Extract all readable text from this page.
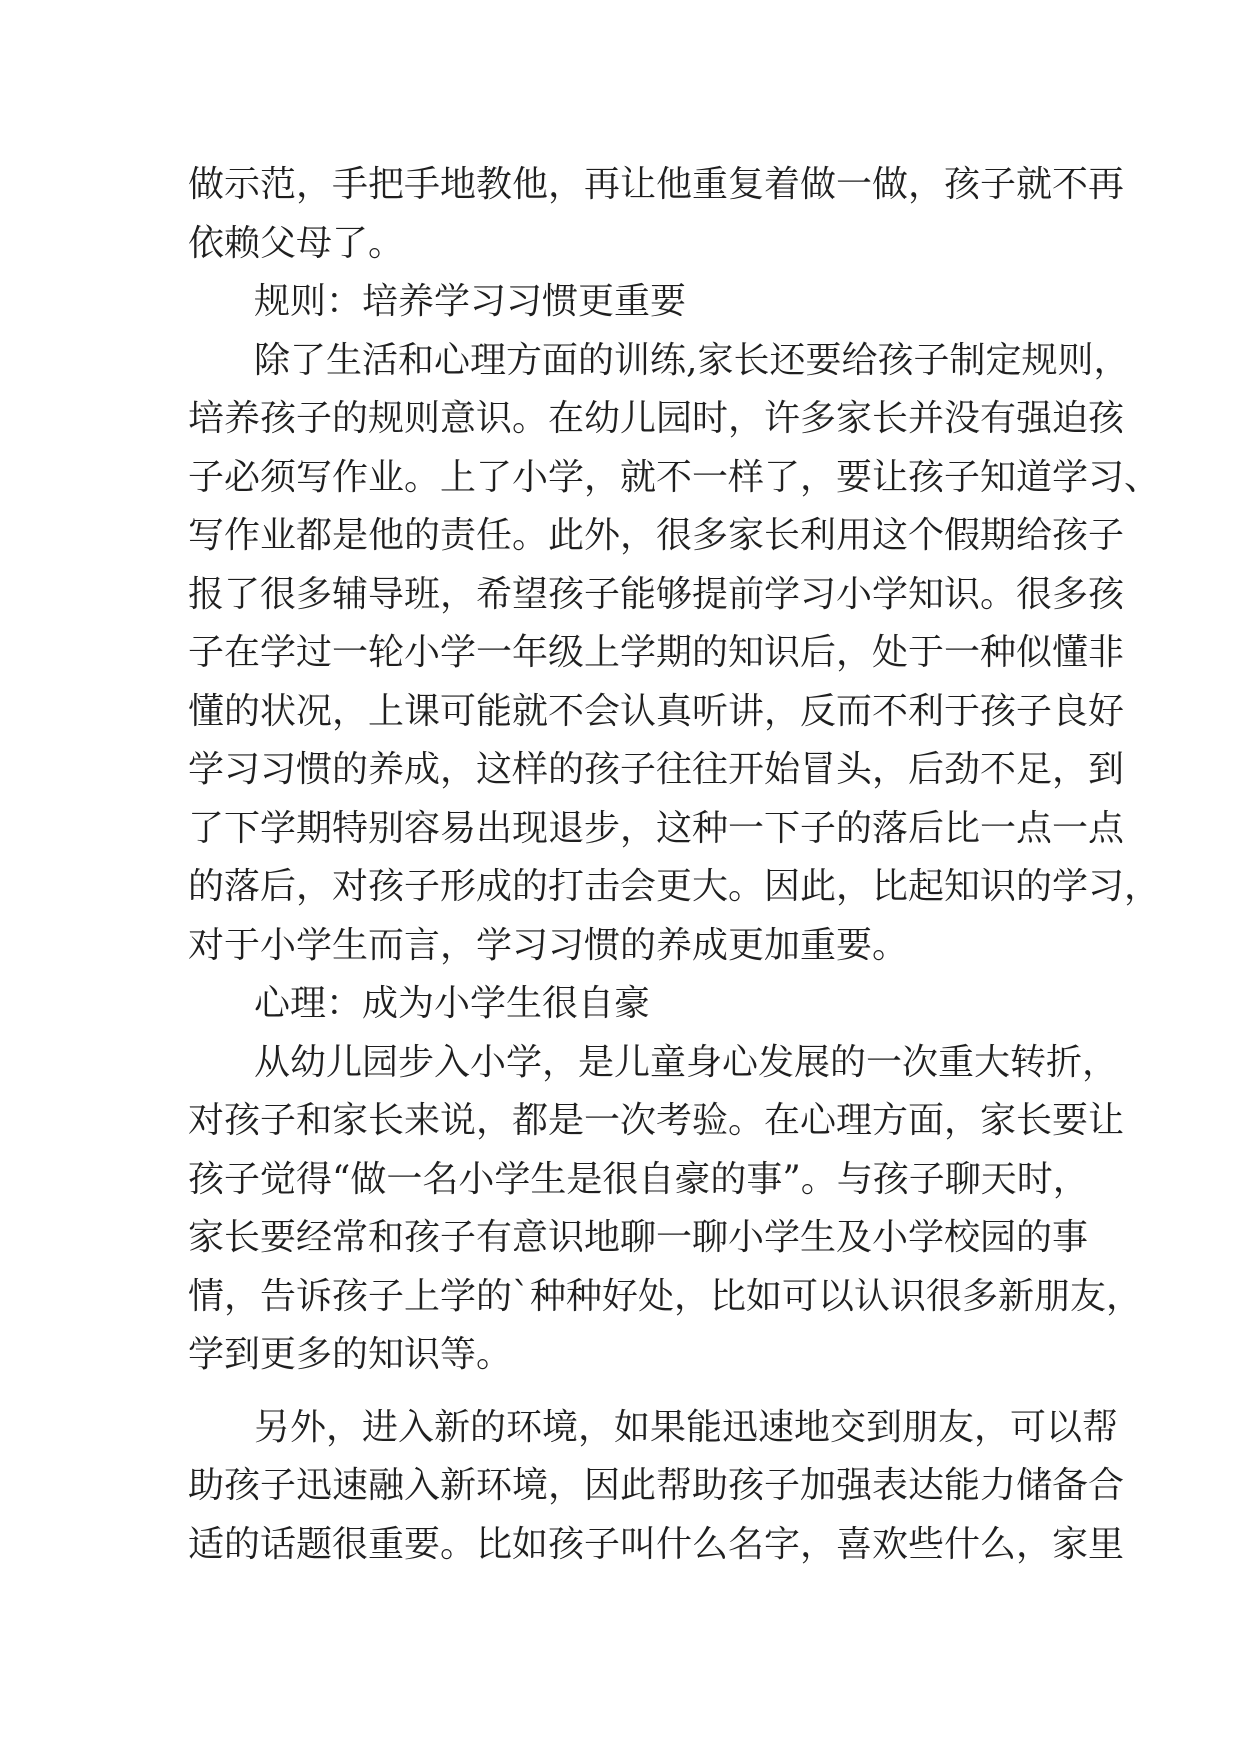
做示范，手把手地教他，再让他重复着做一做，孩子就不再
依赖父母了。
规则：培养学习习惯更重要
除了生活和心理方面的训练,家长还要给孩子制定规则，
培养孩子的规则意识。在幼儿园时，许多家长并没有强迫孩
子必须写作业。上了小学，就不一样了，要让孩子知道学习、
写作业都是他的责任。此外，很多家长利用这个假期给孩子
报了很多辅导班，希望孩子能够提前学习小学知识。很多孩
子在学过一轮小学一年级上学期的知识后，处于一种似懂非
懂的状况，上课可能就不会认真听讲，反而不利于孩子良好
学习习惯的养成，这样的孩子往往开始冒头，后劲不足，到
了下学期特别容易出现退步，这种一下子的落后比一点一点
的落后，对孩子形成的打击会更大。因此，比起知识的学习，
对于小学生而言，学习习惯的养成更加重要。
心理：成为小学生很自豪
从幼儿园步入小学，是儿童身心发展的一次重大转折，
对孩子和家长来说，都是一次考验。在心理方面，家长要让
孩子觉得“做一名小学生是很自豪的事”。与孩子聊天时，
家长要经常和孩子有意识地聊一聊小学生及小学校园的事
情，告诉孩子上学的`种种好处，比如可以认识很多新朋友，
学到更多的知识等。
另外，进入新的环境，如果能迅速地交到朋友，可以帮
助孩子迅速融入新环境，因此帮助孩子加强表达能力储备合
适的话题很重要。比如孩子叫什么名字，喜欢些什么，家里
